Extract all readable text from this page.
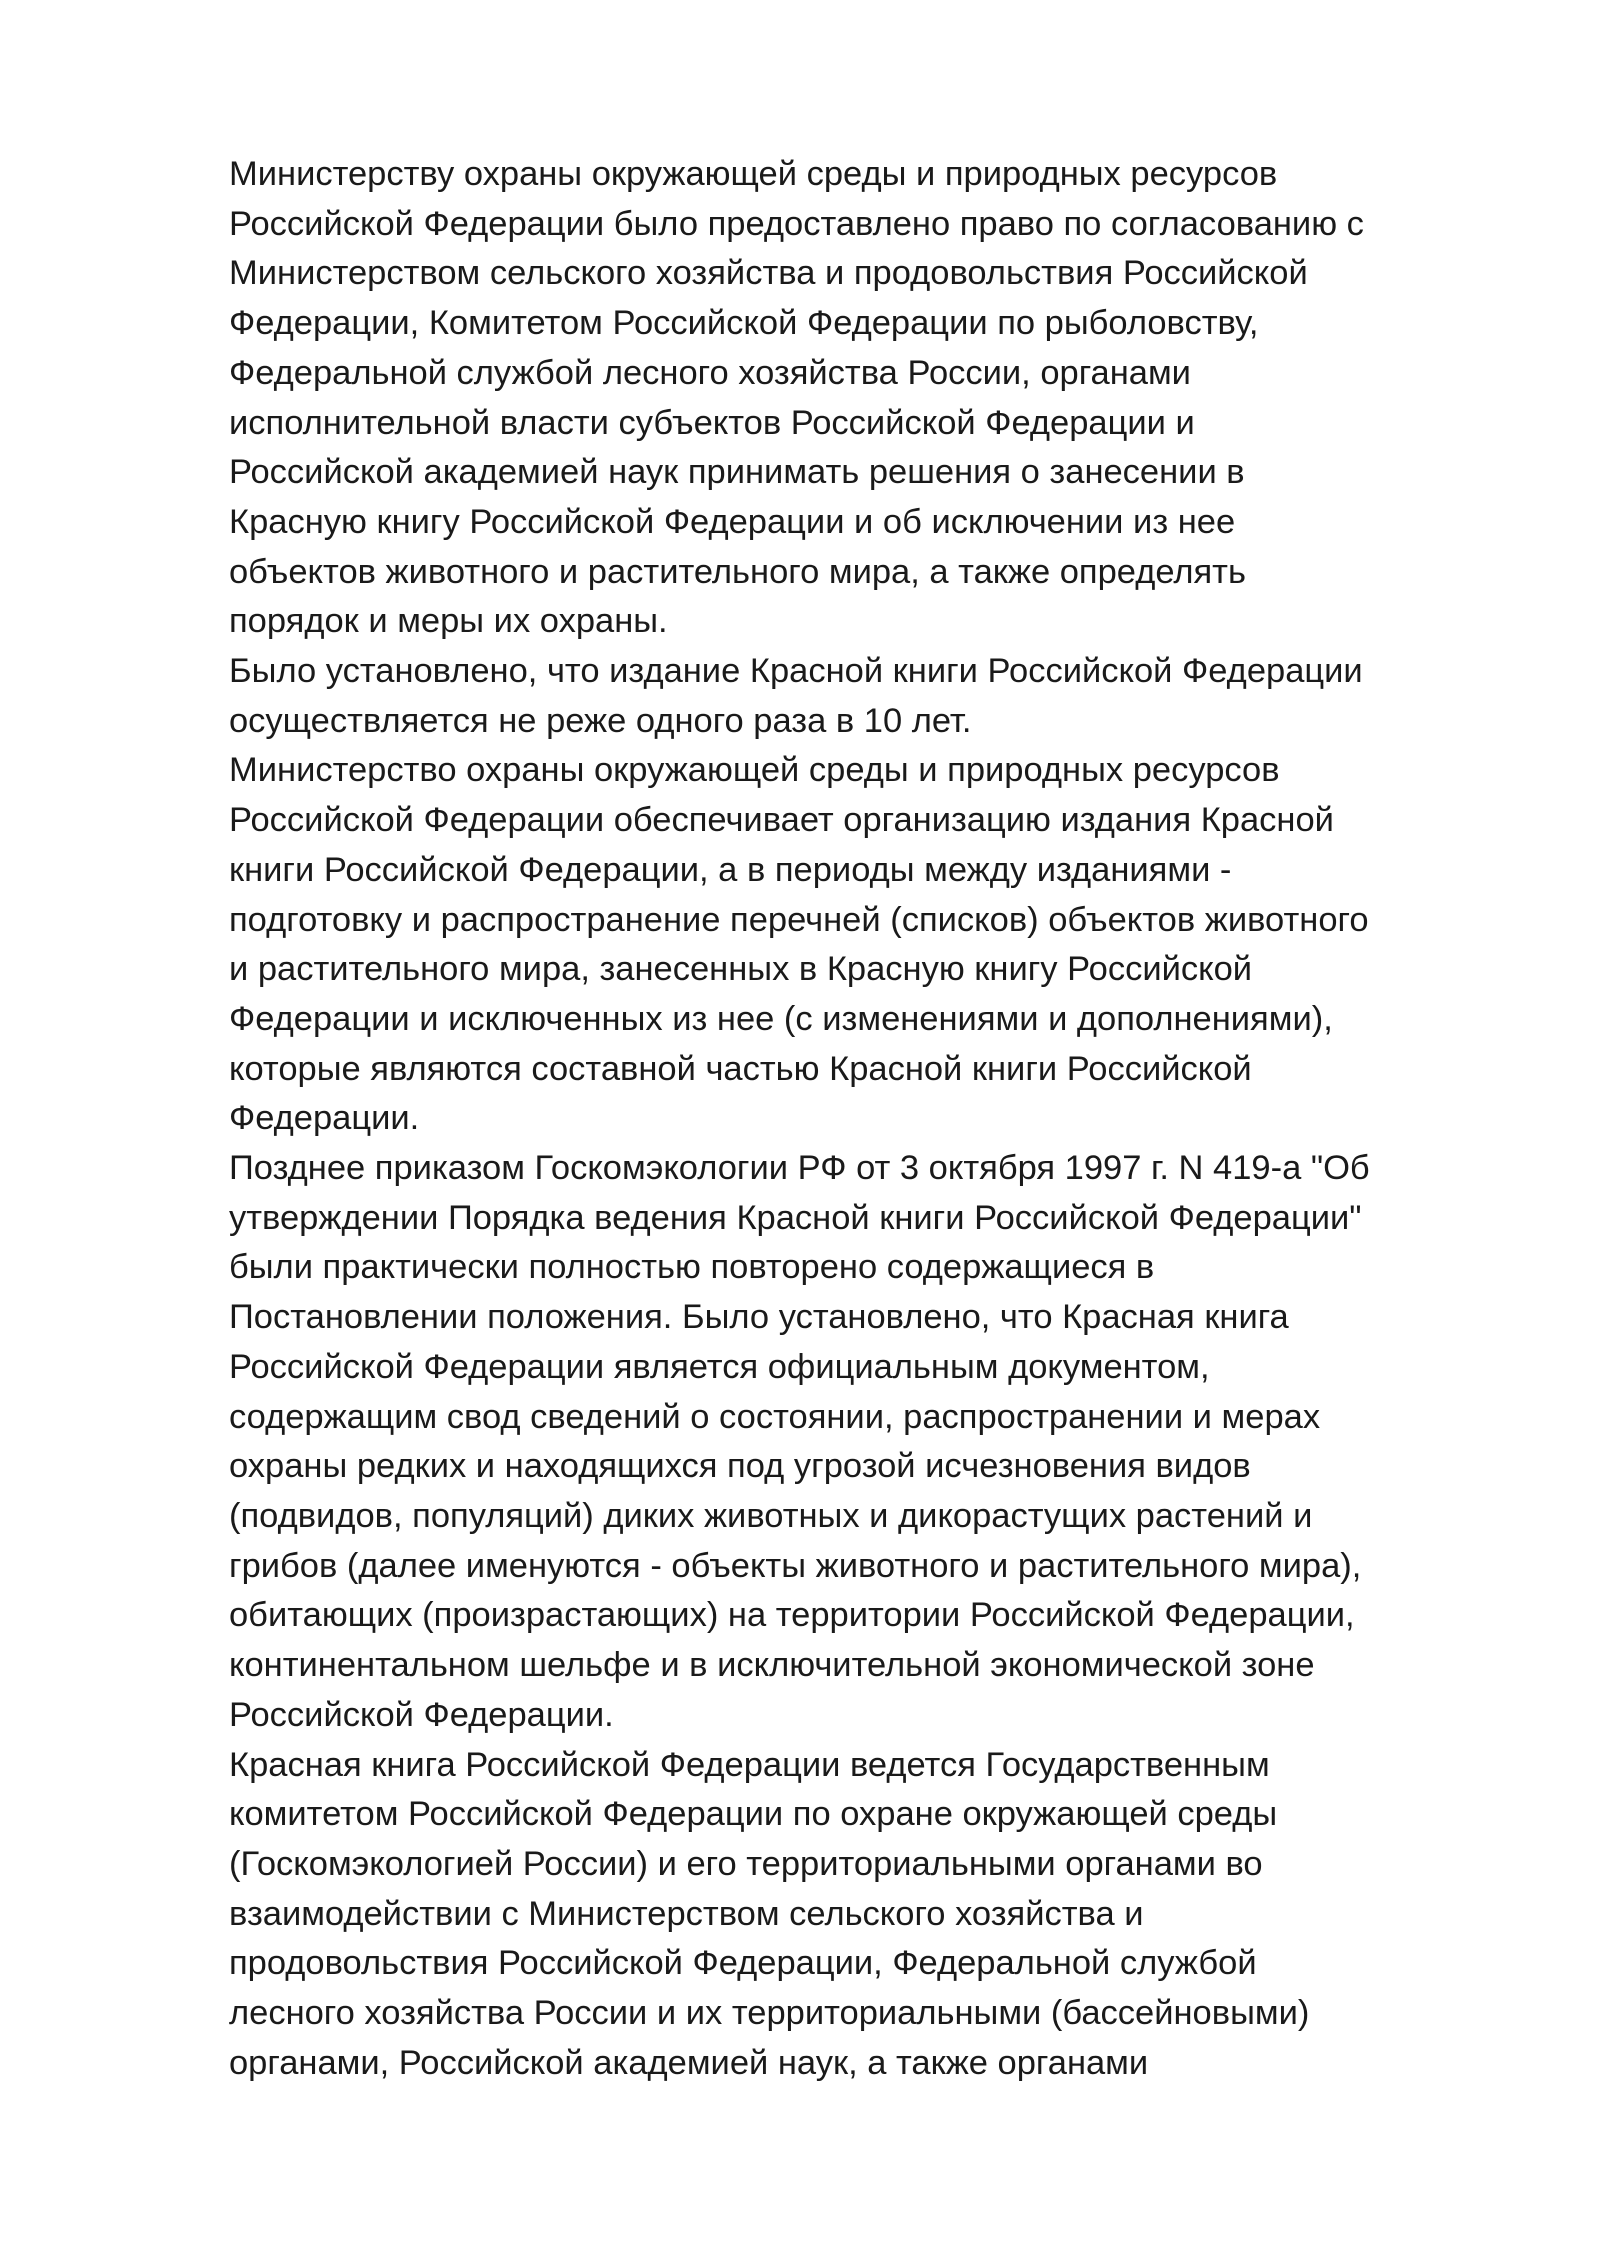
Министерству охраны окружающей среды и природных ресурсов
Российской Федерации было предоставлено право по согласованию с
Министерством сельского хозяйства и продовольствия Российской
Федерации, Комитетом Российской Федерации по рыболовству,
Федеральной службой лесного хозяйства России, органами
исполнительной власти субъектов Российской Федерации и
Российской академией наук принимать решения о занесении в
Красную книгу Российской Федерации и об исключении из нее
объектов животного и растительного мира, а также определять
порядок и меры их охраны.
Было установлено, что издание Красной книги Российской Федерации
осуществляется не реже одного раза в 10 лет.
Министерство охраны окружающей среды и природных ресурсов
Российской Федерации обеспечивает организацию издания Красной
книги Российской Федерации, а в периоды между изданиями -
подготовку и распространение перечней (списков) объектов животного
и растительного мира, занесенных в Красную книгу Российской
Федерации и исключенных из нее (с изменениями и дополнениями),
которые являются составной частью Красной книги Российской
Федерации.
Позднее приказом Госкомэкологии РФ от 3 октября 1997 г. N 419-а "Об
утверждении Порядка ведения Красной книги Российской Федерации"
были практически полностью повторено содержащиеся в
Постановлении положения. Было установлено, что Красная книга
Российской Федерации является официальным документом,
содержащим свод сведений о состоянии, распространении и мерах
охраны редких и находящихся под угрозой исчезновения видов
(подвидов, популяций) диких животных и дикорастущих растений и
грибов (далее именуются - объекты животного и растительного мира),
обитающих (произрастающих) на территории Российской Федерации,
континентальном шельфе и в исключительной экономической зоне
Российской Федерации.
Красная книга Российской Федерации ведется Государственным
комитетом Российской Федерации по охране окружающей среды
(Госкомэкологией России) и его территориальными органами во
взаимодействии с Министерством сельского хозяйства и
продовольствия Российской Федерации, Федеральной службой
лесного хозяйства России и их территориальными (бассейновыми)
органами, Российской академией наук, а также органами
